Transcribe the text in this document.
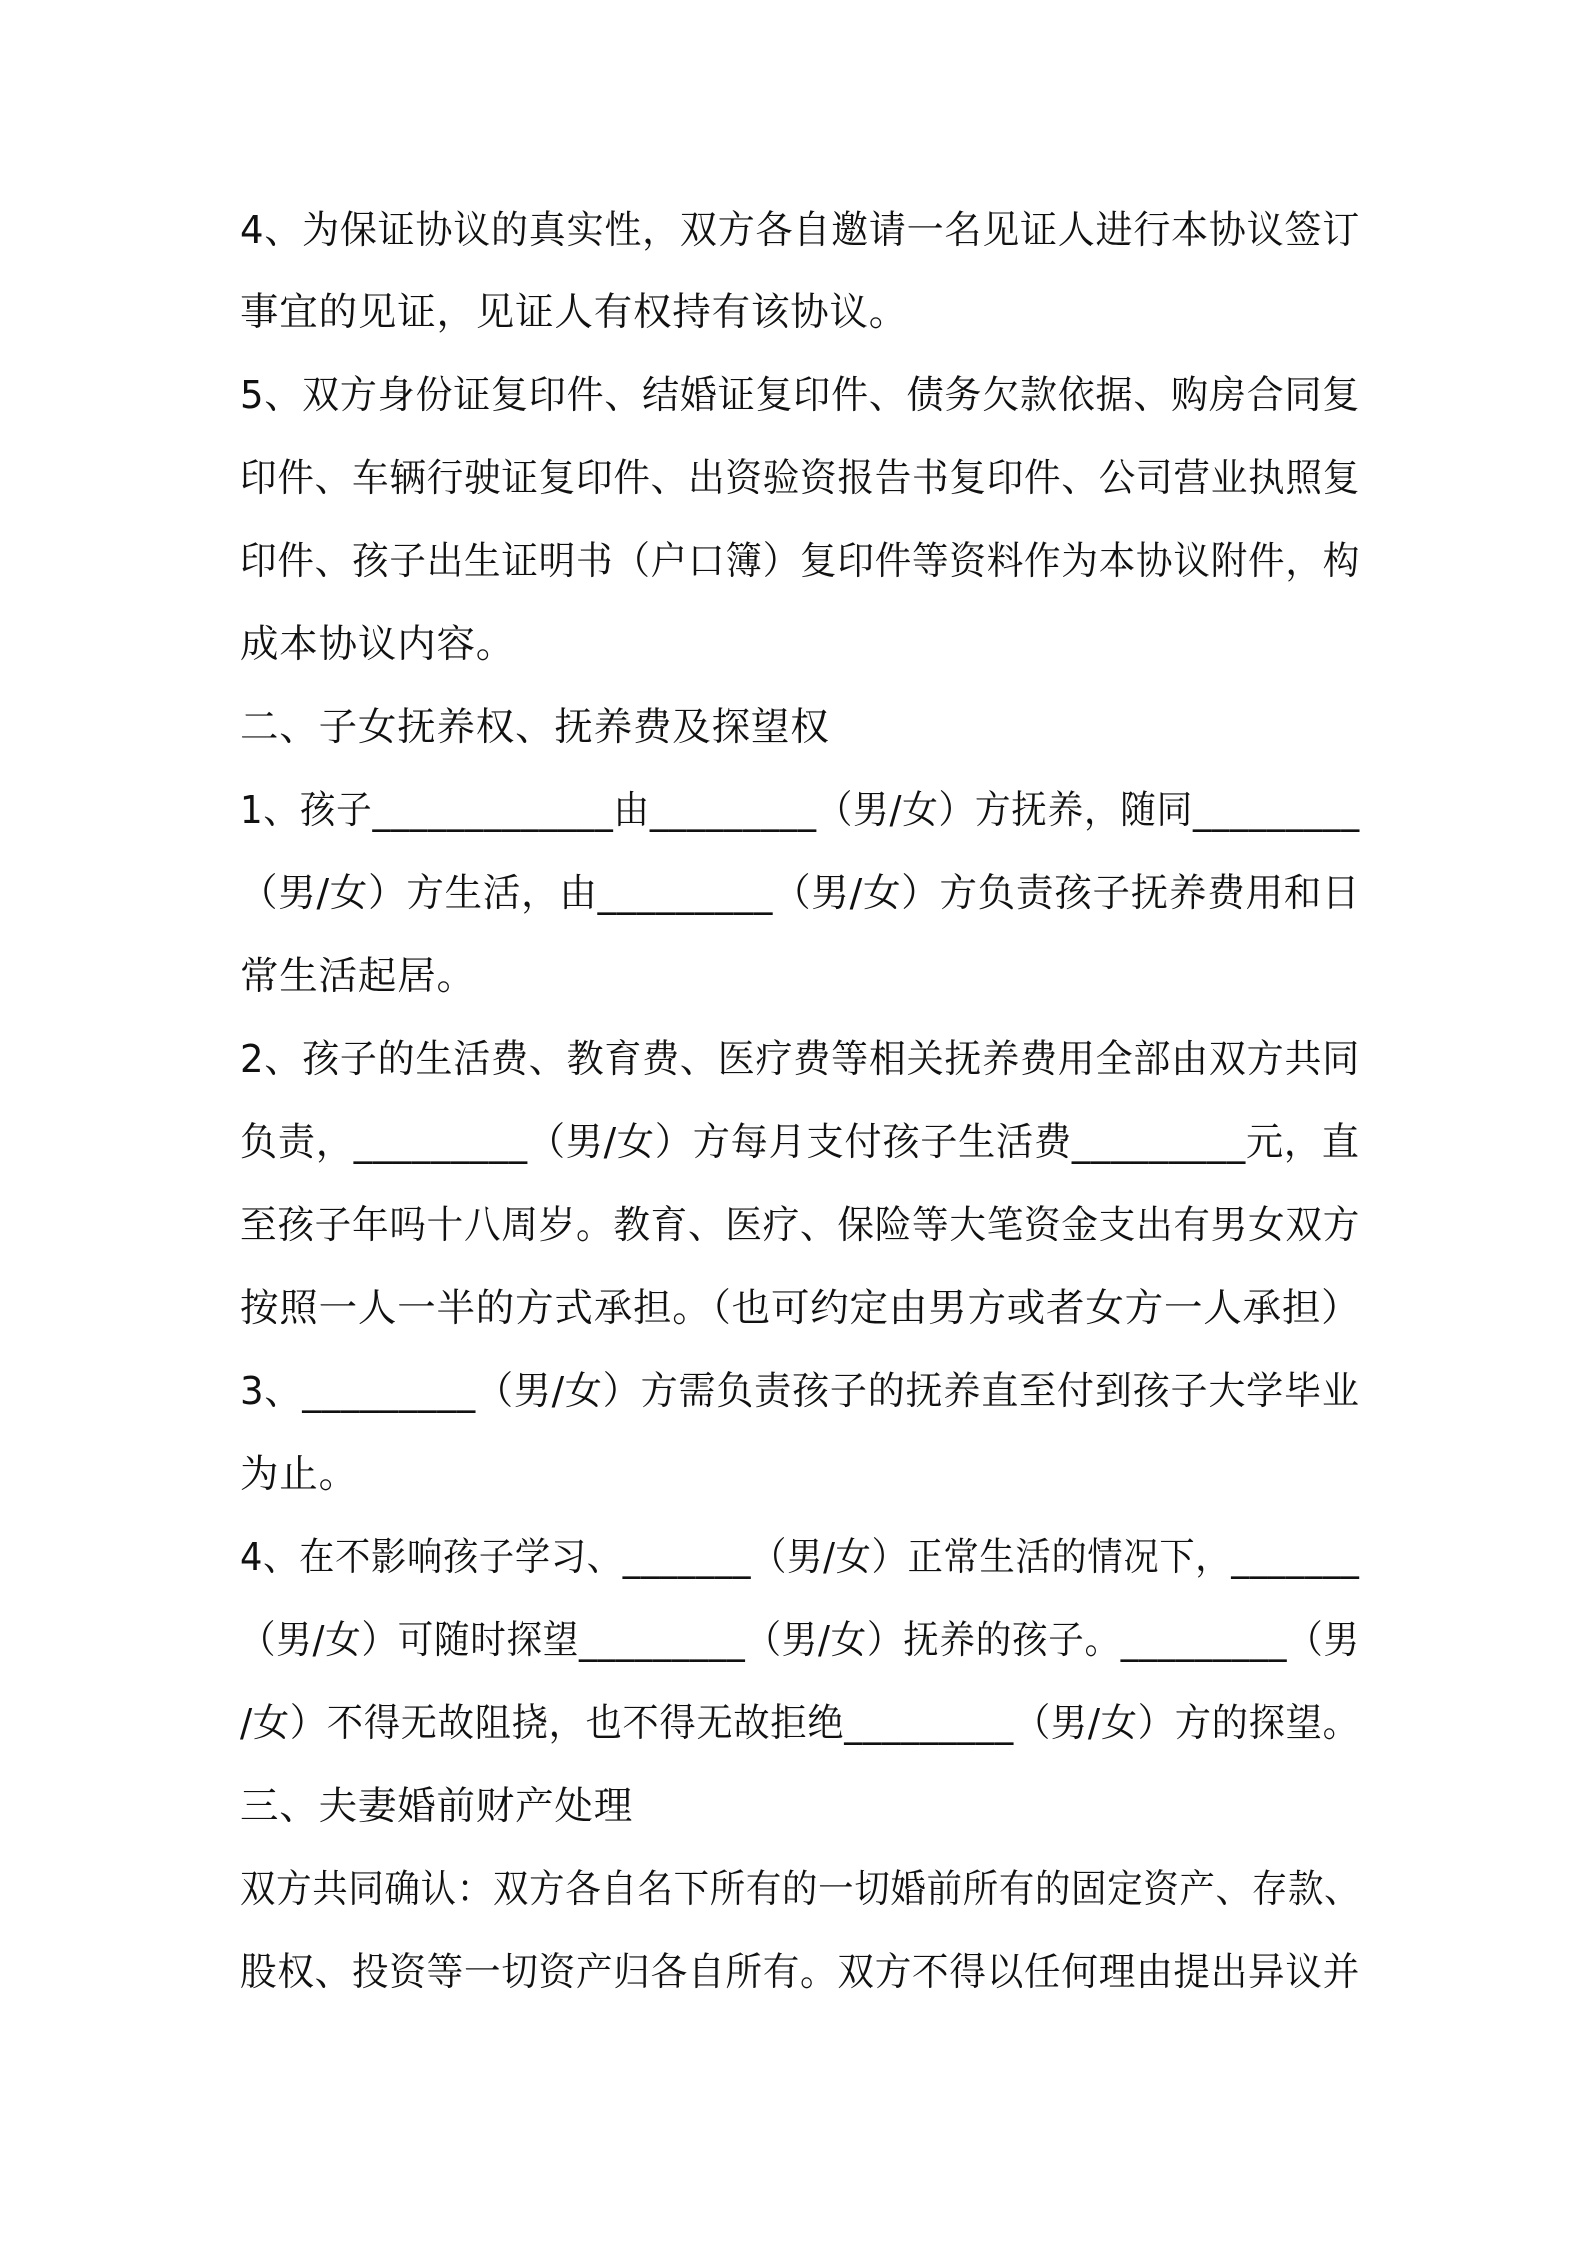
4、为保证协议的真实性，双方各自邀请一名见证人进行本协议签订
事宜的见证，见证人有权持有该协议。
5、双方身份证复印件、结婚证复印件、债务欠款依据、购房合同复
印件、车辆行驶证复印件、出资验资报告书复印件、公司营业执照复
印件、孩子出生证明书（户口簿）复印件等资料作为本协议附件，构
成本协议内容。
二、子女抚养权、抚养费及探望权
1、孩子_____________由_________（男/女）方抚养，随同_________
（男/女）方生活，由_________（男/女）方负责孩子抚养费用和日
常生活起居。
2、孩子的生活费、教育费、医疗费等相关抚养费用全部由双方共同
负责，_________（男/女）方每月支付孩子生活费_________元，直
至孩子年吗十八周岁。教育、医疗、保险等大笔资金支出有男女双方
按照一人一半的方式承担。（也可约定由男方或者女方一人承担）
3、_________（男/女）方需负责孩子的抚养直至付到孩子大学毕业
为止。
4、在不影响孩子学习、_______（男/女）正常生活的情况下，_______
（男/女）可随时探望_________（男/女）抚养的孩子。_________（男
/女）不得无故阻挠，也不得无故拒绝_________（男/女）方的探望。
三、夫妻婚前财产处理
双方共同确认：双方各自名下所有的一切婚前所有的固定资产、存款、
股权、投资等一切资产归各自所有。双方不得以任何理由提出异议并
